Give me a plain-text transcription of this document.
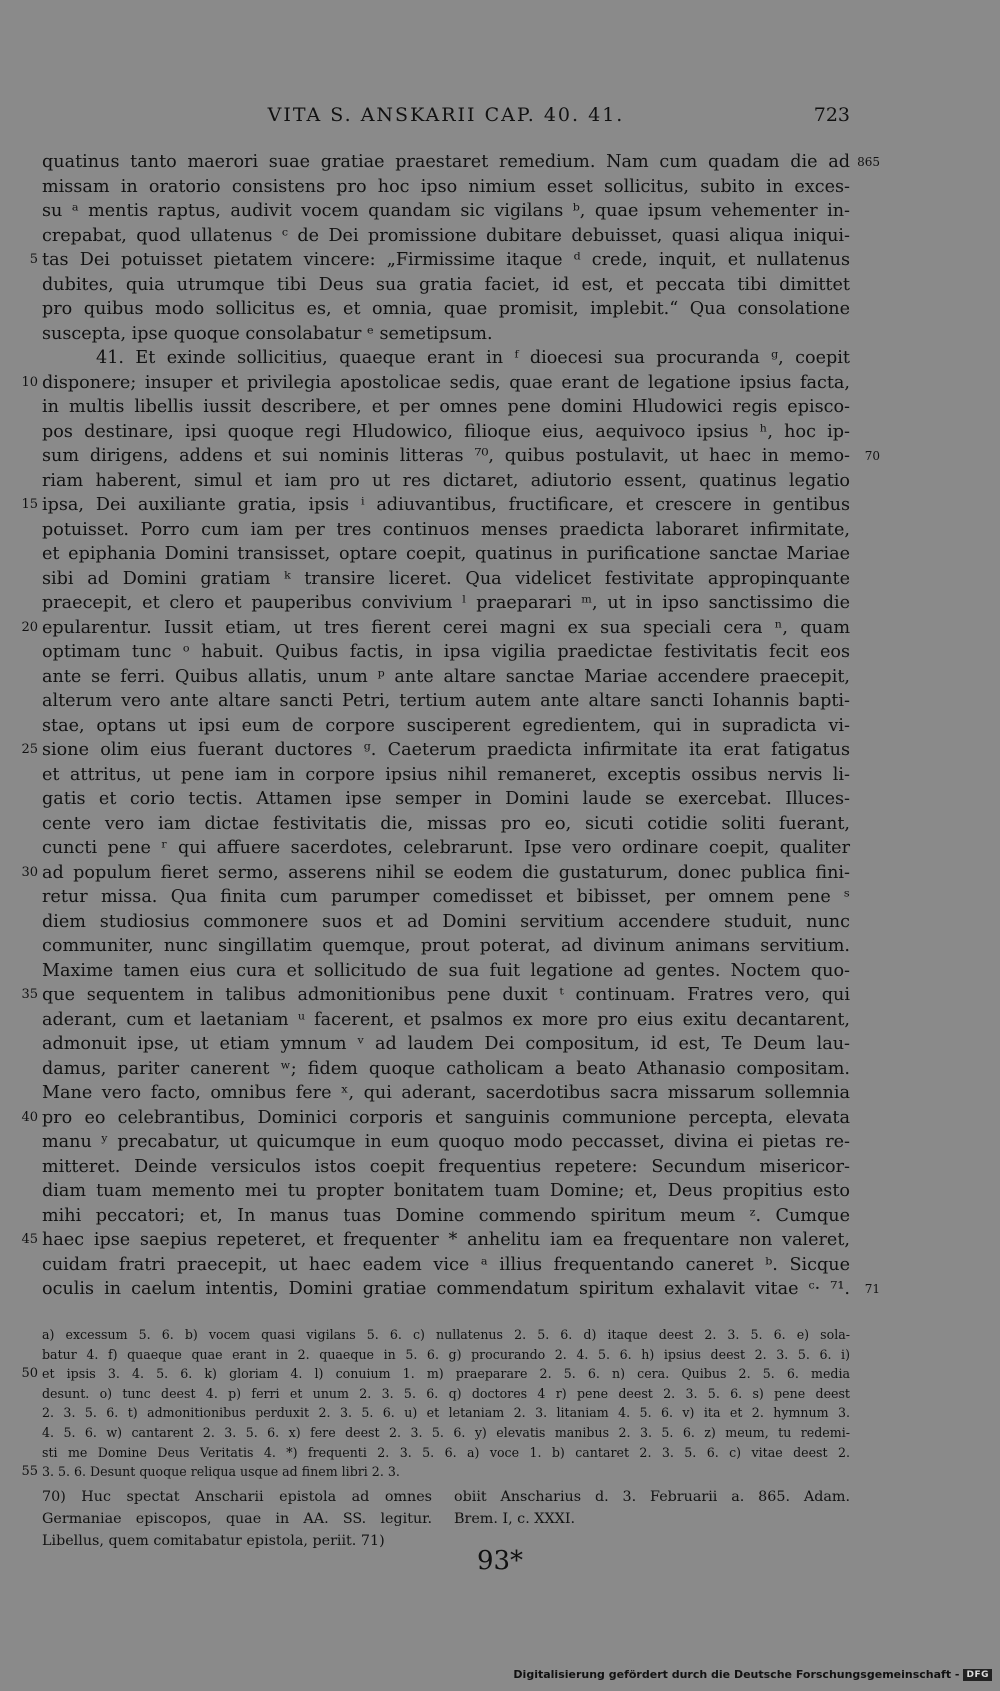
VITA S. ANSKARII CAP. 40. 41.	723
quatinus tanto maerori suae gratiae praestaret remedium. Nam cum quadam die ad 865
missam in oratorio consistens pro hoc ipso nimium esset sollicitus, subito in exces-
su ᵃ mentis raptus, audivit vocem quandam sic vigilans ᵇ, quae ipsum vehementer in-
crepabat, quod ullatenus ᶜ de Dei promissione dubitare debuisset, quasi aliqua iniqui-
tas Dei potuisset pietatem vincere: „Firmissime itaque ᵈ crede, inquit, et nullatenus
5
dubites, quia utrumque tibi Deus sua gratia faciet, id est, et peccata tibi dimittet
pro quibus modo sollicitus es, et omnia, quae promisit, implebit.“ Qua consolatione
suscepta, ipse quoque consolabatur ᵉ semetipsum.
41. Et exinde sollicitius, quaeque erant in ᶠ dioecesi sua procuranda ᵍ, coepit
disponere; insuper et privilegia apostolicae sedis, quae erant de legatione ipsius facta,
10
in multis libellis iussit describere, et per omnes pene domini Hludowici regis episco-
pos destinare, ipsi quoque regi Hludowico, filioque eius, aequivoco ipsius ʰ, hoc ip-
sum dirigens, addens et sui nominis litteras ⁷⁰, quibus postulavit, ut haec in memo- 70
riam haberent, simul et iam pro ut res dictaret, adiutorio essent, quatinus legatio
ipsa, Dei auxiliante gratia, ipsis ⁱ adiuvantibus, fructificare, et crescere in gentibus
15
potuisset. Porro cum iam per tres continuos menses praedicta laboraret infirmitate,
et epiphania Domini transisset, optare coepit, quatinus in purificatione sanctae Mariae
sibi ad Domini gratiam ᵏ transire liceret. Qua videlicet festivitate appropinquante
praecepit, et clero et pauperibus convivium ˡ praeparari ᵐ, ut in ipso sanctissimo die
epularentur. Iussit etiam, ut tres fierent cerei magni ex sua speciali cera ⁿ, quam
20
optimam tunc ᵒ habuit. Quibus factis, in ipsa vigilia praedictae festivitatis fecit eos
ante se ferri. Quibus allatis, unum ᵖ ante altare sanctae Mariae accendere praecepit,
alterum vero ante altare sancti Petri, tertium autem ante altare sancti Iohannis bapti-
stae, optans ut ipsi eum de corpore susciperent egredientem, qui in supradicta vi-
sione olim eius fuerant ductores ᵍ. Caeterum praedicta infirmitate ita erat fatigatus
25
et attritus, ut pene iam in corpore ipsius nihil remaneret, exceptis ossibus nervis li-
gatis et corio tectis. Attamen ipse semper in Domini laude se exercebat. Illuces-
cente vero iam dictae festivitatis die, missas pro eo, sicuti cotidie soliti fuerant,
cuncti pene ʳ qui affuere sacerdotes, celebrarunt. Ipse vero ordinare coepit, qualiter
ad populum fieret sermo, asserens nihil se eodem die gustaturum, donec publica fini-
30
retur missa. Qua finita cum parumper comedisset et bibisset, per omnem pene ˢ
diem studiosius commonere suos et ad Domini servitium accendere studuit, nunc
communiter, nunc singillatim quemque, prout poterat, ad divinum animans servitium.
Maxime tamen eius cura et sollicitudo de sua fuit legatione ad gentes. Noctem quo-
que sequentem in talibus admonitionibus pene duxit ᵗ continuam. Fratres vero, qui
35
aderant, cum et laetaniam ᵘ facerent, et psalmos ex more pro eius exitu decantarent,
admonuit ipse, ut etiam ymnum ᵛ ad laudem Dei compositum, id est, Te Deum lau-
damus, pariter canerent ʷ; fidem quoque catholicam a beato Athanasio compositam.
Mane vero facto, omnibus fere ˣ, qui aderant, sacerdotibus sacra missarum sollemnia
pro eo celebrantibus, Dominici corporis et sanguinis communione percepta, elevata
40
manu ʸ precabatur, ut quicumque in eum quoquo modo peccasset, divina ei pietas re-
mitteret. Deinde versiculos istos coepit frequentius repetere: Secundum misericor-
diam tuam memento mei tu propter bonitatem tuam Domine; et, Deus propitius esto
mihi peccatori; et, In manus tuas Domine commendo spiritum meum ᶻ. Cumque
haec ipse saepius repeteret, et frequenter * anhelitu iam ea frequentare non valeret,
45
cuidam fratri praecepit, ut haec eadem vice ᵃ illius frequentando caneret ᵇ. Sicque
oculis in caelum intentis, Domini gratiae commendatum spiritum exhalavit vitae ᶜ· ⁷¹. 71
a) excessum 5. 6. b) vocem quasi vigilans 5. 6. c) nullatenus 2. 5. 6. d) itaque deest 2. 3. 5. 6. e) sola-
batur 4. f) quaeque quae erant in 2. quaeque in 5. 6. g) procurando 2. 4. 5. 6. h) ipsius deest 2. 3. 5. 6. i)
et ipsis 3. 4. 5. 6. k) gloriam 4. l) conuium 1. m) praeparare 2. 5. 6. n) cera. Quibus 2. 5. 6. media
50
desunt. o) tunc deest 4. p) ferri et unum 2. 3. 5. 6. q) doctores 4 r) pene deest 2. 3. 5. 6. s) pene deest
2. 3. 5. 6. t) admonitionibus perduxit 2. 3. 5. 6. u) et letaniam 2. 3. litaniam 4. 5. 6. v) ita et 2. hymnum 3.
4. 5. 6. w) cantarent 2. 3. 5. 6. x) fere deest 2. 3. 5. 6. y) elevatis manibus 2. 3. 5. 6. z) meum, tu redemi-
sti me Domine Deus Veritatis 4. *) frequenti 2. 3. 5. 6. a) voce 1. b) cantaret 2. 3. 5. 6. c) vitae deest 2.
3. 5. 6. Desunt quoque reliqua usque ad finem libri 2. 3.
55
70) Huc spectat Anscharii epistola ad omnes
Germaniae episcopos, quae in AA. SS. legitur.
Libellus, quem comitabatur epistola, periit. 71)
obiit Anscharius d. 3. Februarii a. 865. Adam.
Brem. I, c. XXXI.
93*
Digitalisierung gefördert durch die Deutsche Forschungsgemeinschaft - DFG
